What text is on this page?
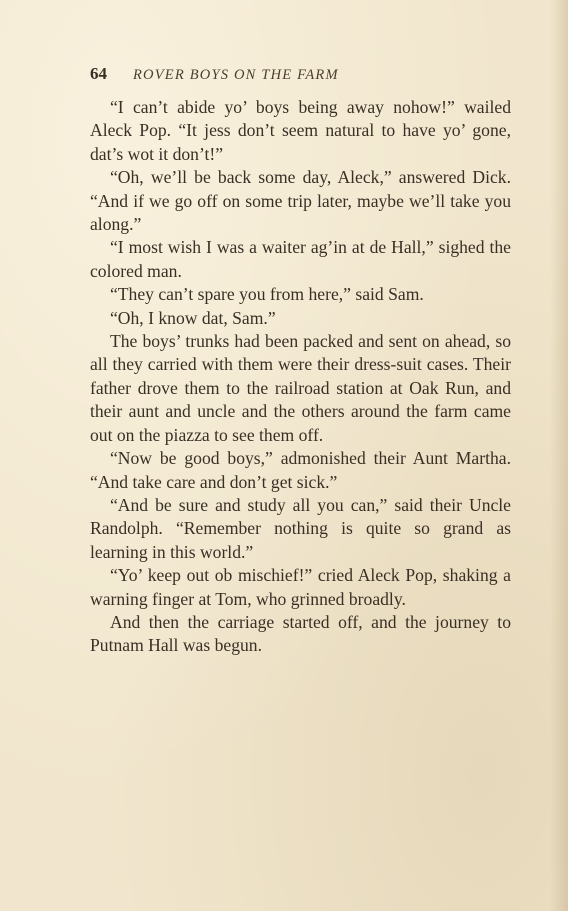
64 ROVER BOYS ON THE FARM

“I can’t abide yo’ boys being away nohow!” wailed Aleck Pop. “It jess don’t seem natural to have yo’ gone, dat’s wot it don’t!”

“Oh, we’ll be back some day, Aleck,” answered Dick. “And if we go off on some trip later, maybe we’ll take you along.”

“I most wish I was a waiter ag’in at de Hall,” sighed the colored man.

“They can’t spare you from here,” said Sam.

“Oh, I know dat, Sam.”

The boys’ trunks had been packed and sent on ahead, so all they carried with them were their dress-suit cases. Their father drove them to the railroad station at Oak Run, and their aunt and uncle and the others around the farm came out on the piazza to see them off.

“Now be good boys,” admonished their Aunt Martha. “And take care and don’t get sick.”

“And be sure and study all you can,” said their Uncle Randolph. “Remember nothing is quite so grand as learning in this world.”

“Yo’ keep out ob mischief!” cried Aleck Pop, shaking a warning finger at Tom, who grinned broadly.

And then the carriage started off, and the journey to Putnam Hall was begun.
